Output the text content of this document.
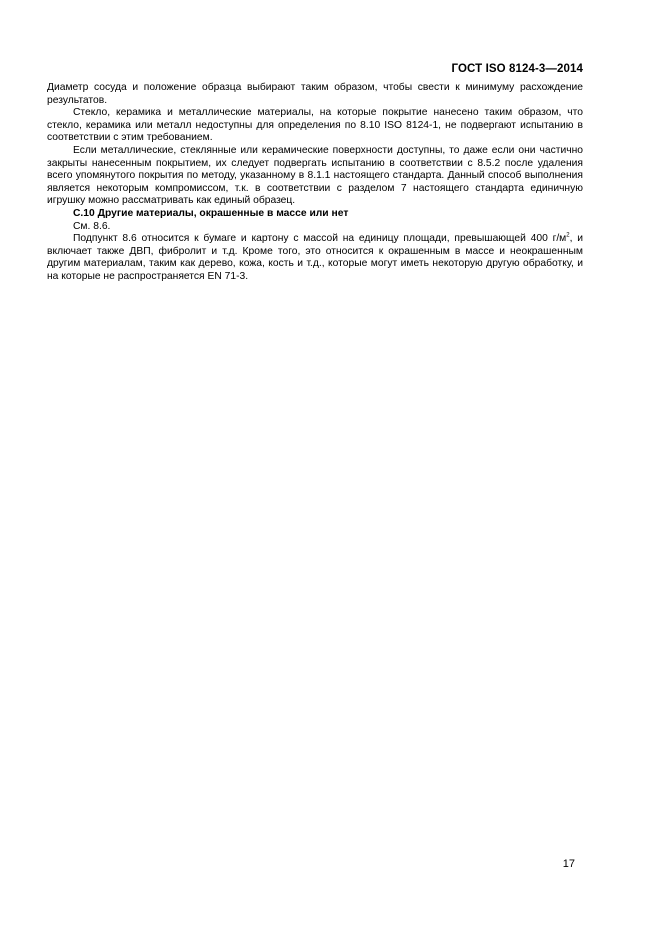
ГОСТ ISO 8124-3—2014

Диаметр сосуда и положение образца выбирают таким образом, чтобы свести к минимуму расхождение результатов.

Стекло, керамика и металлические материалы, на которые покрытие нанесено таким образом, что стекло, керамика или металл недоступны для определения по 8.10 ISO 8124-1, не подвергают испытанию в соответствии с этим требованием.

Если металлические, стеклянные или керамические поверхности доступны, то даже если они частично закрыты нанесенным покрытием, их следует подвергать испытанию в соответствии с 8.5.2 после удаления всего упомянутого покрытия по методу, указанному в 8.1.1 настоящего стандарта. Данный способ выполнения является некоторым компромиссом, т.к. в соответствии с разделом 7 настоящего стандарта единичную игрушку можно рассматривать как единый образец.

С.10 Другие материалы, окрашенные в массе или нет

См. 8.6.

Подпункт 8.6 относится к бумаге и картону с массой на единицу площади, превышающей 400 $г/м^2$, и включает также ДВП, фибролит и т.д. Кроме того, это относится к окрашенным в массе и неокрашенным другим материалам, таким как дерево, кожа, кость и т.д., которые могут иметь некоторую другую обработку, и на которые не распространяется EN 71-3.

17
